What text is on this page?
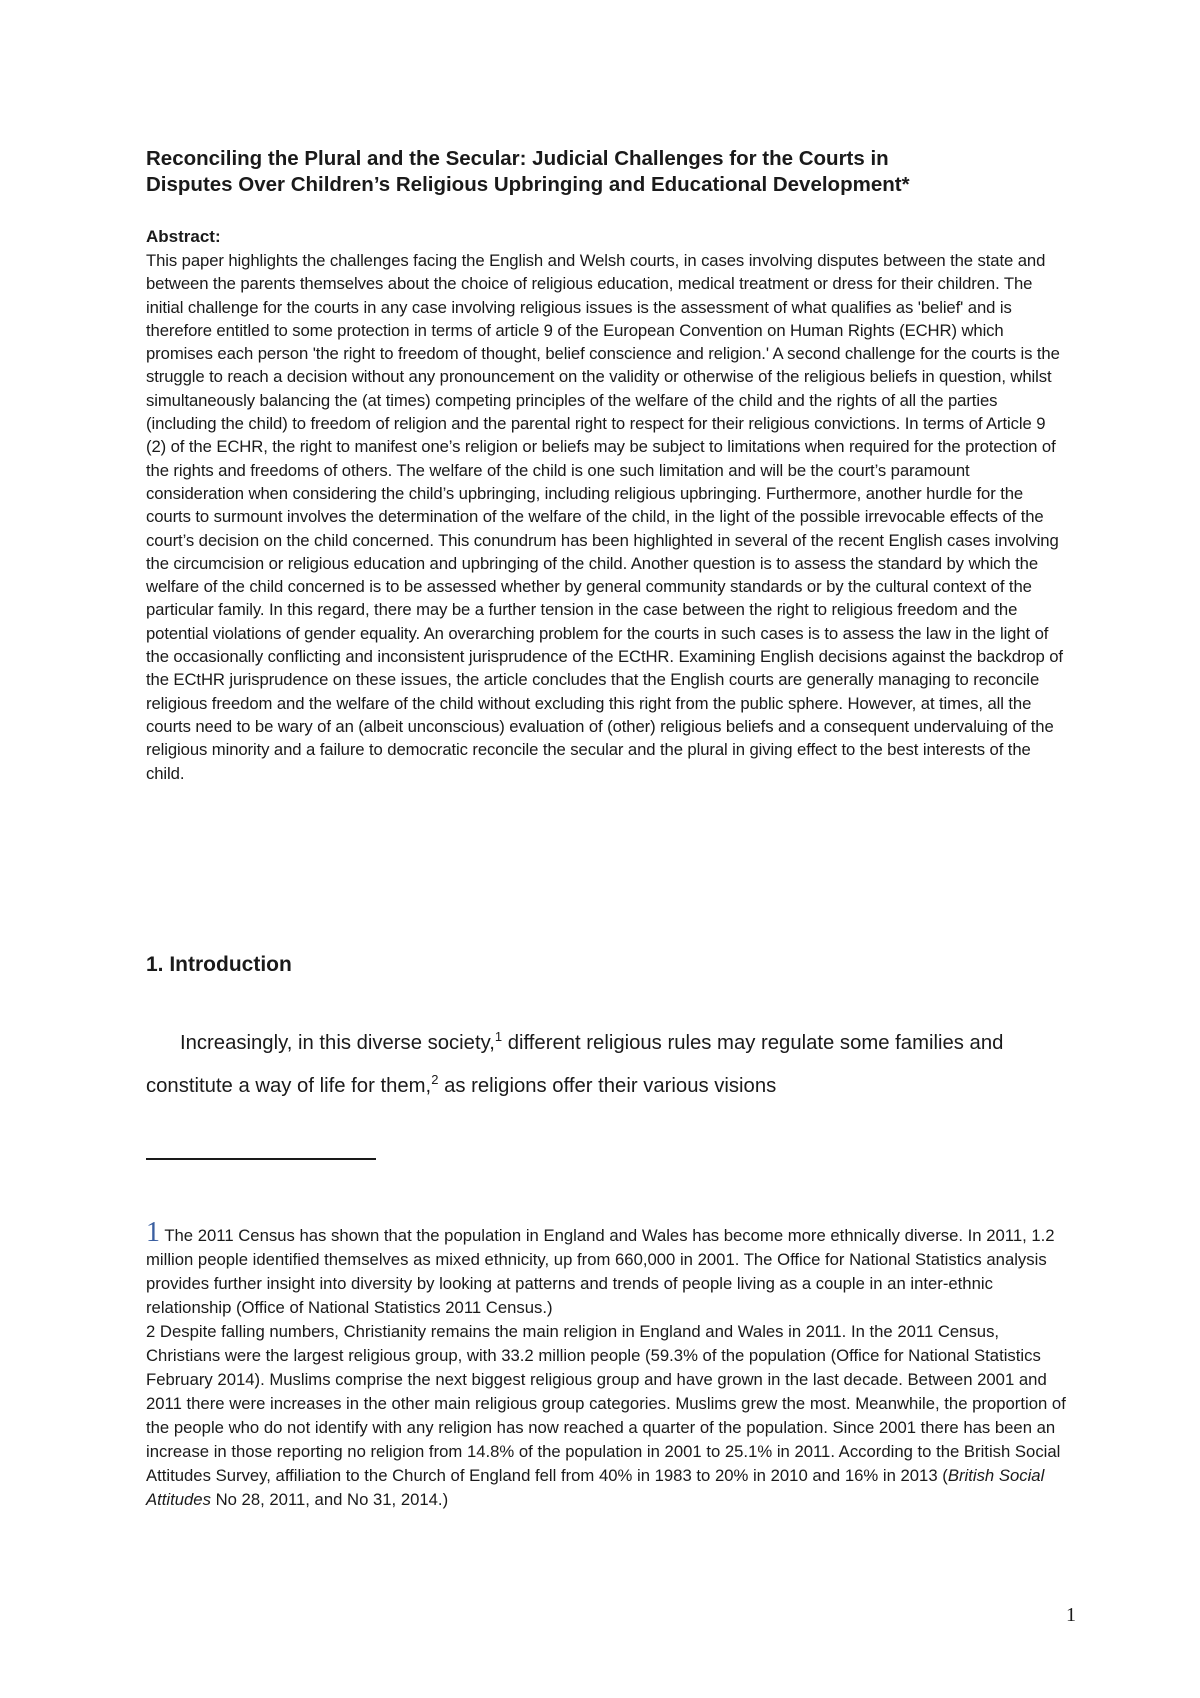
Reconciling the Plural and the Secular: Judicial Challenges for the Courts in
Disputes Over Children’s Religious Upbringing and Educational Development*

Abstract:

This paper highlights the challenges facing the English and Welsh courts, in cases involving disputes between the state and between the parents themselves about the choice of religious education, medical treatment or dress for their children. The initial challenge for the courts in any case involving religious issues is the assessment of what qualifies as 'belief' and is therefore entitled to some protection in terms of article 9 of the European Convention on Human Rights (ECHR) which promises each person 'the right to freedom of thought, belief conscience and religion.' A second challenge for the courts is the struggle to reach a decision without any pronouncement on the validity or otherwise of the religious beliefs in question, whilst simultaneously balancing the (at times) competing principles of the welfare of the child and the rights of all the parties (including the child) to freedom of religion and the parental right to respect for their religious convictions. In terms of Article 9 (2) of the ECHR, the right to manifest one’s religion or beliefs may be subject to limitations when required for the protection of the rights and freedoms of others. The welfare of the child is one such limitation and will be the court’s paramount consideration when considering the child’s upbringing, including religious upbringing. Furthermore, another hurdle for the courts to surmount involves the determination of the welfare of the child, in the light of the possible irrevocable effects of the court’s decision on the child concerned. This conundrum has been highlighted in several of the recent English cases involving the circumcision or religious education and upbringing of the child. Another question is to assess the standard by which the welfare of the child concerned is to be assessed whether by general community standards or by the cultural context of the particular family. In this regard, there may be a further tension in the case between the right to religious freedom and the potential violations of gender equality. An overarching problem for the courts in such cases is to assess the law in the light of the occasionally conflicting and inconsistent jurisprudence of the ECtHR. Examining English decisions against the backdrop of the ECtHR jurisprudence on these issues, the article concludes that the English courts are generally managing to reconcile religious freedom and the welfare of the child without excluding this right from the public sphere. However, at times, all the courts need to be wary of an (albeit unconscious) evaluation of (other) religious beliefs and a consequent undervaluing of the religious minority and a failure to democratic reconcile the secular and the plural in giving effect to the best interests of the child.

1. Introduction

Increasingly, in this diverse society,$^1$ different religious rules may regulate some families and constitute a way of life for them,$^2$ as religions offer their various visions

1 The 2011 Census has shown that the population in England and Wales has become more ethnically diverse. In 2011, 1.2 million people identified themselves as mixed ethnicity, up from 660,000 in 2001. The Office for National Statistics analysis provides further insight into diversity by looking at patterns and trends of people living as a couple in an inter-ethnic relationship (Office of National Statistics 2011 Census.)

2 Despite falling numbers, Christianity remains the main religion in England and Wales in 2011. In the 2011 Census, Christians were the largest religious group, with 33.2 million people (59.3% of the population (Office for National Statistics February 2014). Muslims comprise the next biggest religious group and have grown in the last decade. Between 2001 and 2011 there were increases in the other main religious group categories. Muslims grew the most. Meanwhile, the proportion of the people who do not identify with any religion has now reached a quarter of the population. Since 2001 there has been an increase in those reporting no religion from 14.8% of the population in 2001 to 25.1% in 2011. According to the British Social Attitudes Survey, affiliation to the Church of England fell from 40% in 1983 to 20% in 2010 and 16% in 2013 (British Social Attitudes No 28, 2011, and No 31, 2014.)

1
